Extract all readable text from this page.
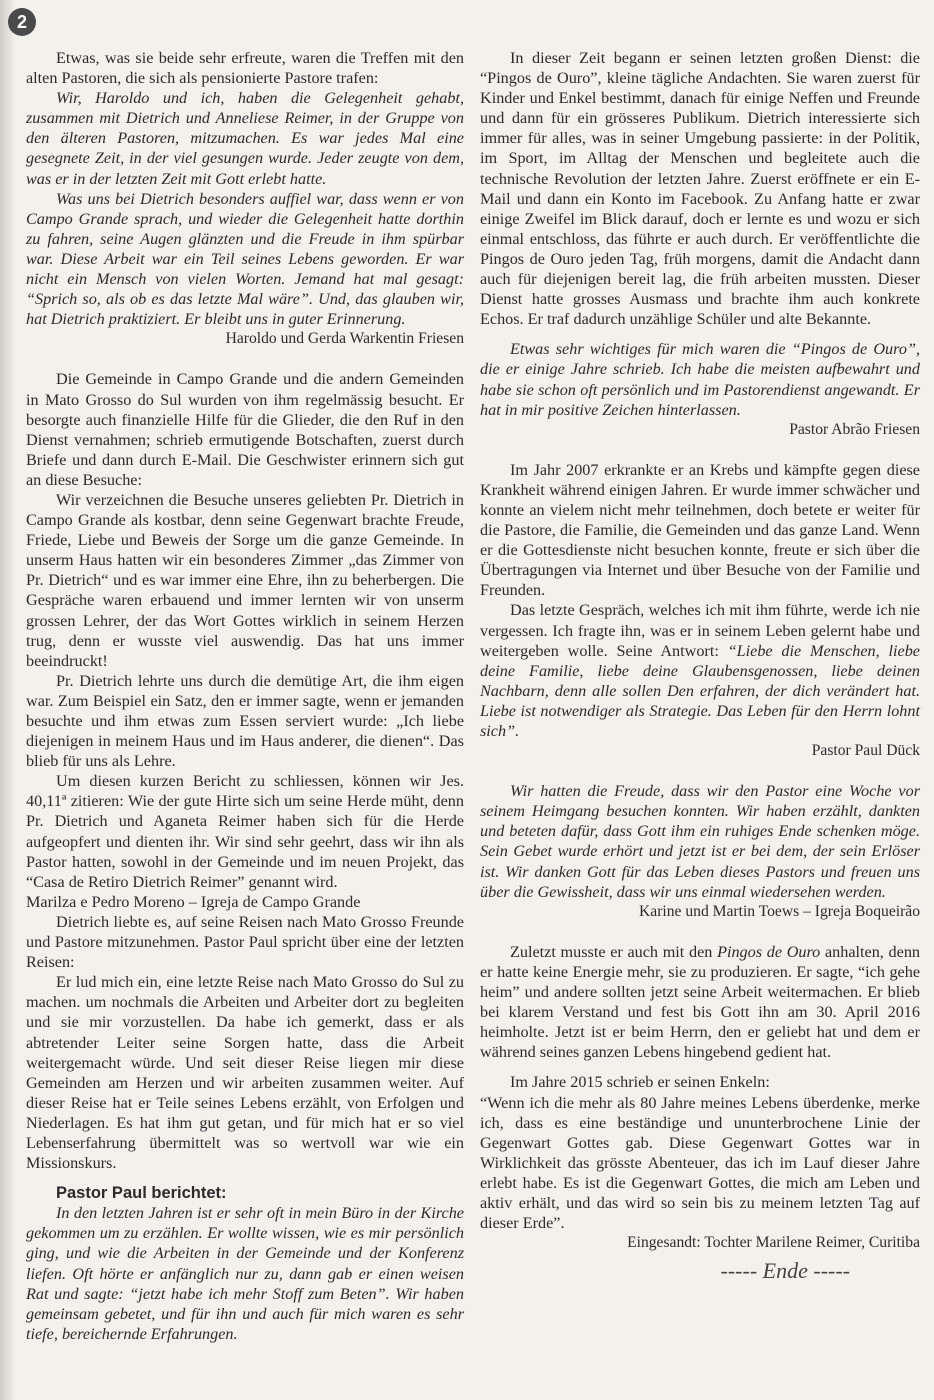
2

Etwas, was sie beide sehr erfreute, waren die Treffen mit den alten Pastoren, die sich als pensionierte Pastore trafen:

Wir, Haroldo und ich, haben die Gelegenheit gehabt, zusammen mit Dietrich und Anneliese Reimer, in der Gruppe von den älteren Pastoren, mitzumachen. Es war jedes Mal eine gesegnete Zeit, in der viel gesungen wurde. Jeder zeugte von dem, was er in der letzten Zeit mit Gott erlebt hatte.

Was uns bei Dietrich besonders auffiel war, dass wenn er von Campo Grande sprach, und wieder die Gelegenheit hatte dorthin zu fahren, seine Augen glänzten und die Freude in ihm spürbar war. Diese Arbeit war ein Teil seines Lebens geworden. Er war nicht ein Mensch von vielen Worten. Jemand hat mal gesagt: “Sprich so, als ob es das letzte Mal wäre”. Und, das glauben wir, hat Dietrich praktiziert. Er bleibt uns in guter Erinnerung.

Haroldo und Gerda Warkentin Friesen

Die Gemeinde in Campo Grande und die andern Gemeinden in Mato Grosso do Sul wurden von ihm regelmässig besucht. Er besorgte auch finanzielle Hilfe für die Glieder, die den Ruf in den Dienst vernahmen; schrieb ermutigende Botschaften, zuerst durch Briefe und dann durch E-Mail. Die Geschwister erinnern sich gut an diese Besuche:

Wir verzeichnen die Besuche unseres geliebten Pr. Dietrich in Campo Grande als kostbar, denn seine Gegenwart brachte Freude, Friede, Liebe und Beweis der Sorge um die ganze Gemeinde. In unserm Haus hatten wir ein besonderes Zimmer „das Zimmer von Pr. Dietrich“ und es war immer eine Ehre, ihn zu beherbergen. Die Gespräche waren erbauend und immer lernten wir von unserm grossen Lehrer, der das Wort Gottes wirklich in seinem Herzen trug, denn er wusste viel auswendig. Das hat uns immer beeindruckt!

Pr. Dietrich lehrte uns durch die demütige Art, die ihm eigen war. Zum Beispiel ein Satz, den er immer sagte, wenn er jemanden besuchte und ihm etwas zum Essen serviert wurde: „Ich liebe diejenigen in meinem Haus und im Haus anderer, die dienen“. Das blieb für uns als Lehre.

Um diesen kurzen Bericht zu schliessen, können wir Jes. 40,11ª zitieren: Wie der gute Hirte sich um seine Herde müht, denn Pr. Dietrich und Aganeta Reimer haben sich für die Herde aufgeopfert und dienten ihr. Wir sind sehr geehrt, dass wir ihn als Pastor hatten, sowohl in der Gemeinde und im neuen Projekt, das “Casa de Retiro Dietrich Reimer” genannt wird.

Marilza e Pedro Moreno – Igreja de Campo Grande

Dietrich liebte es, auf seine Reisen nach Mato Grosso Freunde und Pastore mitzunehmen. Pastor Paul spricht über eine der letzten Reisen:

Er lud mich ein, eine letzte Reise nach Mato Grosso do Sul zu machen. um nochmals die Arbeiten und Arbeiter dort zu begleiten und sie mir vorzustellen. Da habe ich gemerkt, dass er als abtretender Leiter seine Sorgen hatte, dass die Arbeit weitergemacht würde. Und seit dieser Reise liegen mir diese Gemeinden am Herzen und wir arbeiten zusammen weiter. Auf dieser Reise hat er Teile seines Lebens erzählt, von Erfolgen und Niederlagen. Es hat ihm gut getan, und für mich hat er so viel Lebenserfahrung übermittelt was so wertvoll war wie ein Missionskurs.

Pastor Paul berichtet:

In den letzten Jahren ist er sehr oft in mein Büro in der Kirche gekommen um zu erzählen. Er wollte wissen, wie es mir persönlich ging, und wie die Arbeiten in der Gemeinde und der Konferenz liefen. Oft hörte er anfänglich nur zu, dann gab er einen weisen Rat und sagte: “jetzt habe ich mehr Stoff zum Beten”. Wir haben gemeinsam gebetet, und für ihn und auch für mich waren es sehr tiefe, bereichernde Erfahrungen.

In dieser Zeit begann er seinen letzten großen Dienst: die “Pingos de Ouro”, kleine tägliche Andachten. Sie waren zuerst für Kinder und Enkel bestimmt, danach für einige Neffen und Freunde und dann für ein grösseres Publikum. Dietrich interessierte sich immer für alles, was in seiner Umgebung passierte: in der Politik, im Sport, im Alltag der Menschen und begleitete auch die technische Revolution der letzten Jahre. Zuerst eröffnete er ein E-Mail und dann ein Konto im Facebook. Zu Anfang hatte er zwar einige Zweifel im Blick darauf, doch er lernte es und wozu er sich einmal entschloss, das führte er auch durch. Er veröffentlichte die Pingos de Ouro jeden Tag, früh morgens, damit die Andacht dann auch für diejenigen bereit lag, die früh arbeiten mussten. Dieser Dienst hatte grosses Ausmass und brachte ihm auch konkrete Echos. Er traf dadurch unzählige Schüler und alte Bekannte.

Etwas sehr wichtiges für mich waren die “Pingos de Ouro”, die er einige Jahre schrieb. Ich habe die meisten aufbewahrt und habe sie schon oft persönlich und im Pastorendienst angewandt. Er hat in mir positive Zeichen hinterlassen.

Pastor Abrão Friesen

Im Jahr 2007 erkrankte er an Krebs und kämpfte gegen diese Krankheit während einigen Jahren. Er wurde immer schwächer und konnte an vielem nicht mehr teilnehmen, doch betete er weiter für die Pastore, die Familie, die Gemeinden und das ganze Land. Wenn er die Gottesdienste nicht besuchen konnte, freute er sich über die Übertragungen via Internet und über Besuche von der Familie und Freunden.

Das letzte Gespräch, welches ich mit ihm führte, werde ich nie vergessen. Ich fragte ihn, was er in seinem Leben gelernt habe und weitergeben wolle. Seine Antwort: “Liebe die Menschen, liebe deine Familie, liebe deine Glaubensgenossen, liebe deinen Nachbarn, denn alle sollen Den erfahren, der dich verändert hat. Liebe ist notwendiger als Strategie. Das Leben für den Herrn lohnt sich”.

Pastor Paul Dück

Wir hatten die Freude, dass wir den Pastor eine Woche vor seinem Heimgang besuchen konnten. Wir haben erzählt, dankten und beteten dafür, dass Gott ihm ein ruhiges Ende schenken möge. Sein Gebet wurde erhört und jetzt ist er bei dem, der sein Erlöser ist. Wir danken Gott für das Leben dieses Pastors und freuen uns über die Gewissheit, dass wir uns einmal wiedersehen werden.

Karine und Martin Toews – Igreja Boqueirão

Zuletzt musste er auch mit den Pingos de Ouro anhalten, denn er hatte keine Energie mehr, sie zu produzieren. Er sagte, “ich gehe heim” und andere sollten jetzt seine Arbeit weitermachen. Er blieb bei klarem Verstand und fest bis Gott ihn am 30. April 2016 heimholte. Jetzt ist er beim Herrn, den er geliebt hat und dem er während seines ganzen Lebens hingebend gedient hat.

Im Jahre 2015 schrieb er seinen Enkeln:

“Wenn ich die mehr als 80 Jahre meines Lebens überdenke, merke ich, dass es eine beständige und ununterbrochene Linie der Gegenwart Gottes gab. Diese Gegenwart Gottes war in Wirklichkeit das grösste Abenteuer, das ich im Lauf dieser Jahre erlebt habe. Es ist die Gegenwart Gottes, die mich am Leben und aktiv erhält, und das wird so sein bis zu meinem letzten Tag auf dieser Erde”.

Eingesandt: Tochter Marilene Reimer, Curitiba

----- Ende -----
